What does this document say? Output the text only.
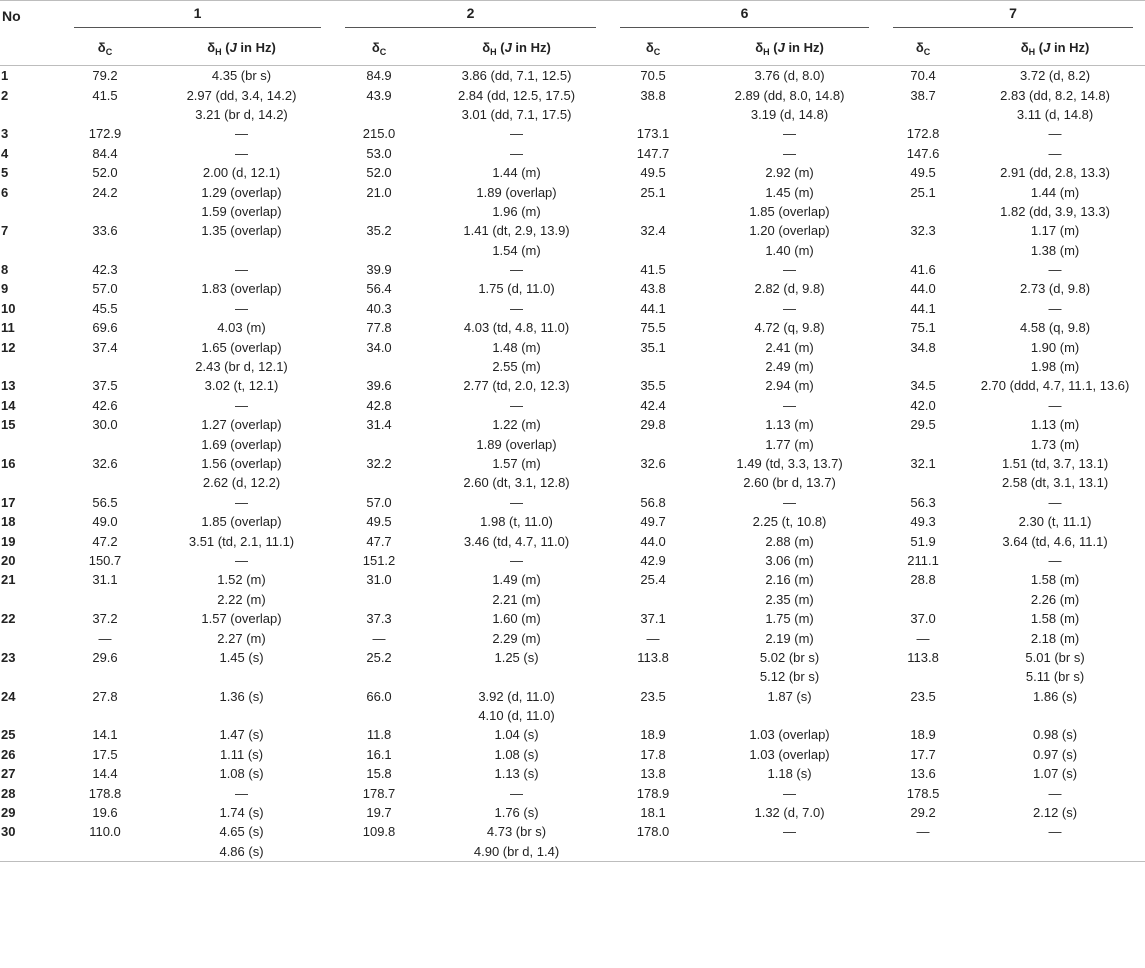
No	1		2		6		7	

	$\delta_C$	$\delta_H$ (J in Hz)	$\delta_C$	$\delta_H$ (J in Hz)	$\delta_C$	$\delta_H$ (J in Hz)	$\delta_C$	$\delta_H$ (J in Hz)
1	79.2	4.35 (br s)	84.9	3.86 (dd, 7.1, 12.5)	70.5	3.76 (d, 8.0)	70.4	3.72 (d, 8.2)
2	41.5	2.97 (dd, 3.4, 14.2)	43.9	2.84 (dd, 12.5, 17.5)	38.8	2.89 (dd, 8.0, 14.8)	38.7	2.83 (dd, 8.2, 14.8)
		3.21 (br d, 14.2)		3.01 (dd, 7.1, 17.5)		3.19 (d, 14.8)		3.11 (d, 14.8)
3	172.9	—	215.0	—	173.1	—	172.8	—
4	84.4	—	53.0	—	147.7	—	147.6	—
5	52.0	2.00 (d, 12.1)	52.0	1.44 (m)	49.5	2.92 (m)	49.5	2.91 (dd, 2.8, 13.3)
6	24.2	1.29 (overlap)	21.0	1.89 (overlap)	25.1	1.45 (m)	25.1	1.44 (m)
		1.59 (overlap)		1.96 (m)		1.85 (overlap)		1.82 (dd, 3.9, 13.3)
7	33.6	1.35 (overlap)	35.2	1.41 (dt, 2.9, 13.9)	32.4	1.20 (overlap)	32.3	1.17 (m)
				1.54 (m)		1.40 (m)		1.38 (m)
8	42.3	—	39.9	—	41.5	—	41.6	—
9	57.0	1.83 (overlap)	56.4	1.75 (d, 11.0)	43.8	2.82 (d, 9.8)	44.0	2.73 (d, 9.8)
10	45.5	—	40.3	—	44.1	—	44.1	—
11	69.6	4.03 (m)	77.8	4.03 (td, 4.8, 11.0)	75.5	4.72 (q, 9.8)	75.1	4.58 (q, 9.8)
12	37.4	1.65 (overlap)	34.0	1.48 (m)	35.1	2.41 (m)	34.8	1.90 (m)
		2.43 (br d, 12.1)		2.55 (m)		2.49 (m)		1.98 (m)
13	37.5	3.02 (t, 12.1)	39.6	2.77 (td, 2.0, 12.3)	35.5	2.94 (m)	34.5	2.70 (ddd, 4.7, 11.1, 13.6)
14	42.6	—	42.8	—	42.4	—	42.0	—
15	30.0	1.27 (overlap)	31.4	1.22 (m)	29.8	1.13 (m)	29.5	1.13 (m)
		1.69 (overlap)		1.89 (overlap)		1.77 (m)		1.73 (m)
16	32.6	1.56 (overlap)	32.2	1.57 (m)	32.6	1.49 (td, 3.3, 13.7)	32.1	1.51 (td, 3.7, 13.1)
		2.62 (d, 12.2)		2.60 (dt, 3.1, 12.8)		2.60 (br d, 13.7)		2.58 (dt, 3.1, 13.1)
17	56.5	—	57.0	—	56.8	—	56.3	—
18	49.0	1.85 (overlap)	49.5	1.98 (t, 11.0)	49.7	2.25 (t, 10.8)	49.3	2.30 (t, 11.1)
19	47.2	3.51 (td, 2.1, 11.1)	47.7	3.46 (td, 4.7, 11.0)	44.0	2.88 (m)	51.9	3.64 (td, 4.6, 11.1)
20	150.7	—	151.2	—	42.9	3.06 (m)	211.1	—
21	31.1	1.52 (m)	31.0	1.49 (m)	25.4	2.16 (m)	28.8	1.58 (m)
		2.22 (m)		2.21 (m)		2.35 (m)		2.26 (m)
22	37.2	1.57 (overlap)	37.3	1.60 (m)	37.1	1.75 (m)	37.0	1.58 (m)
	—	2.27 (m)	—	2.29 (m)	—	2.19 (m)	—	2.18 (m)
23	29.6	1.45 (s)	25.2	1.25 (s)	113.8	5.02 (br s)	113.8	5.01 (br s)
						5.12 (br s)		5.11 (br s)
24	27.8	1.36 (s)	66.0	3.92 (d, 11.0)	23.5	1.87 (s)	23.5	1.86 (s)
				4.10 (d, 11.0)				
25	14.1	1.47 (s)	11.8	1.04 (s)	18.9	1.03 (overlap)	18.9	0.98 (s)
26	17.5	1.11 (s)	16.1	1.08 (s)	17.8	1.03 (overlap)	17.7	0.97 (s)
27	14.4	1.08 (s)	15.8	1.13 (s)	13.8	1.18 (s)	13.6	1.07 (s)
28	178.8	—	178.7	—	178.9	—	178.5	—
29	19.6	1.74 (s)	19.7	1.76 (s)	18.1	1.32 (d, 7.0)	29.2	2.12 (s)
30	110.0	4.65 (s)	109.8	4.73 (br s)	178.0	—	—	—
		4.86 (s)		4.90 (br d, 1.4)				
